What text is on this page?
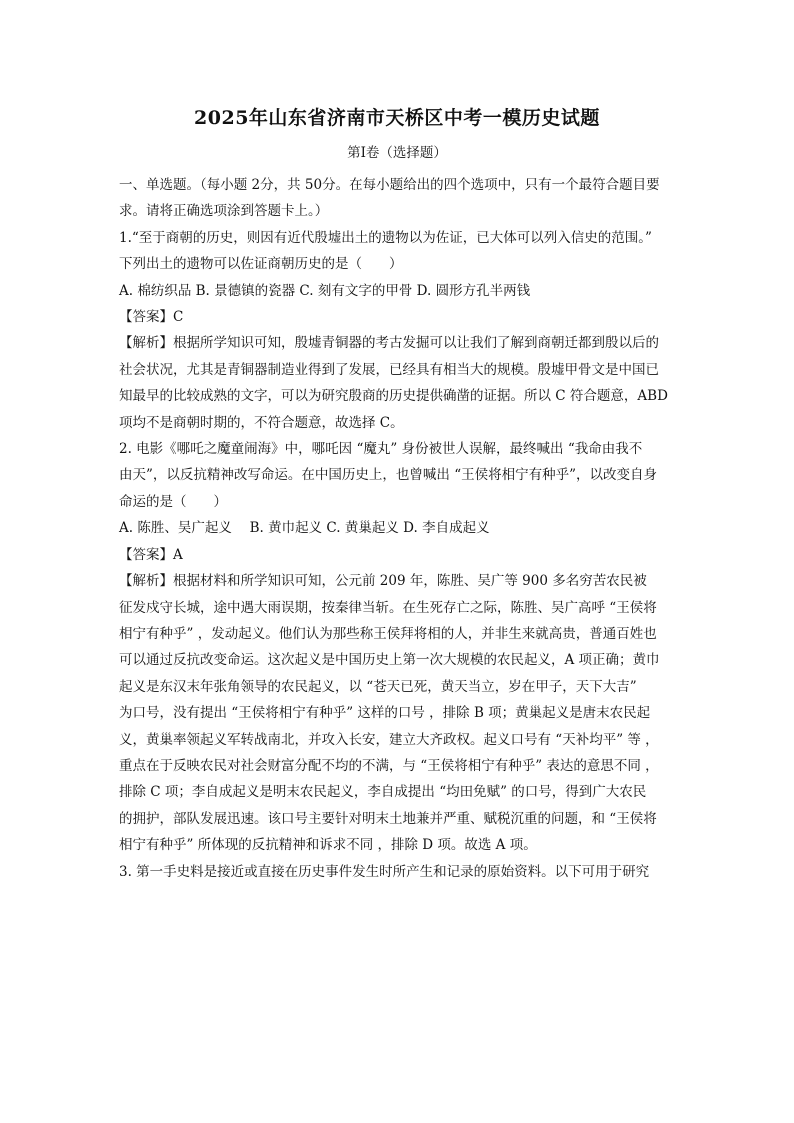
2025年山东省济南市天桥区中考一模历史试题
第Ⅰ卷（选择题）
一、单选题。（每小题 2分，共 50分。在每小题给出的四个选项中，只有一个最符合题目要
求。请将正确选项涂到答题卡上。）
1.“至于商朝的历史，则因有近代殷墟出土的遗物以为佐证，已大体可以列入信史的范围。”
下列出土的遗物可以佐证商朝历史的是（　　）
A. 棉纺织品 B. 景德镇的瓷器 C. 刻有文字的甲骨 D. 圆形方孔半两钱
【答案】C
【解析】根据所学知识可知，殷墟青铜器的考古发掘可以让我们了解到商朝迁都到殷以后的
社会状况，尤其是青铜器制造业得到了发展，已经具有相当大的规模。殷墟甲骨文是中国已
知最早的比较成熟的文字，可以为研究殷商的历史提供确凿的证据。所以 C 符合题意，ABD
项均不是商朝时期的，不符合题意，故选择 C。
2. 电影《哪吒之魔童闹海》中，哪吒因 “魔丸” 身份被世人误解，最终喊出 “我命由我不
由天”，以反抗精神改写命运。在中国历史上，也曾喊出 “王侯将相宁有种乎”，以改变自身
命运的是（　　）
A. 陈胜、吴广起义　 B. 黄巾起义 C. 黄巢起义 D. 李自成起义
【答案】A
【解析】根据材料和所学知识可知，公元前 209 年，陈胜、吴广等 900 多名穷苦农民被
征发戍守长城，途中遇大雨误期，按秦律当斩。在生死存亡之际，陈胜、吴广高呼 “王侯将
相宁有种乎” ，发动起义。他们认为那些称王侯拜将相的人，并非生来就高贵，普通百姓也
可以通过反抗改变命运。这次起义是中国历史上第一次大规模的农民起义，A 项正确；黄巾
起义是东汉末年张角领导的农民起义，以 “苍天已死，黄天当立，岁在甲子，天下大吉”
为口号，没有提出 “王侯将相宁有种乎” 这样的口号 ，排除 B 项；黄巢起义是唐末农民起
义，黄巢率领起义军转战南北，并攻入长安，建立大齐政权。起义口号有 “天补均平” 等 ，
重点在于反映农民对社会财富分配不均的不满，与 “王侯将相宁有种乎” 表达的意思不同 ，
排除 C 项；李自成起义是明末农民起义，李自成提出 “均田免赋” 的口号，得到广大农民
的拥护，部队发展迅速。该口号主要针对明末土地兼并严重、赋税沉重的问题，和 “王侯将
相宁有种乎” 所体现的反抗精神和诉求不同 ，排除 D 项。故选 A 项。
3. 第一手史料是接近或直接在历史事件发生时所产生和记录的原始资料。以下可用于研究
